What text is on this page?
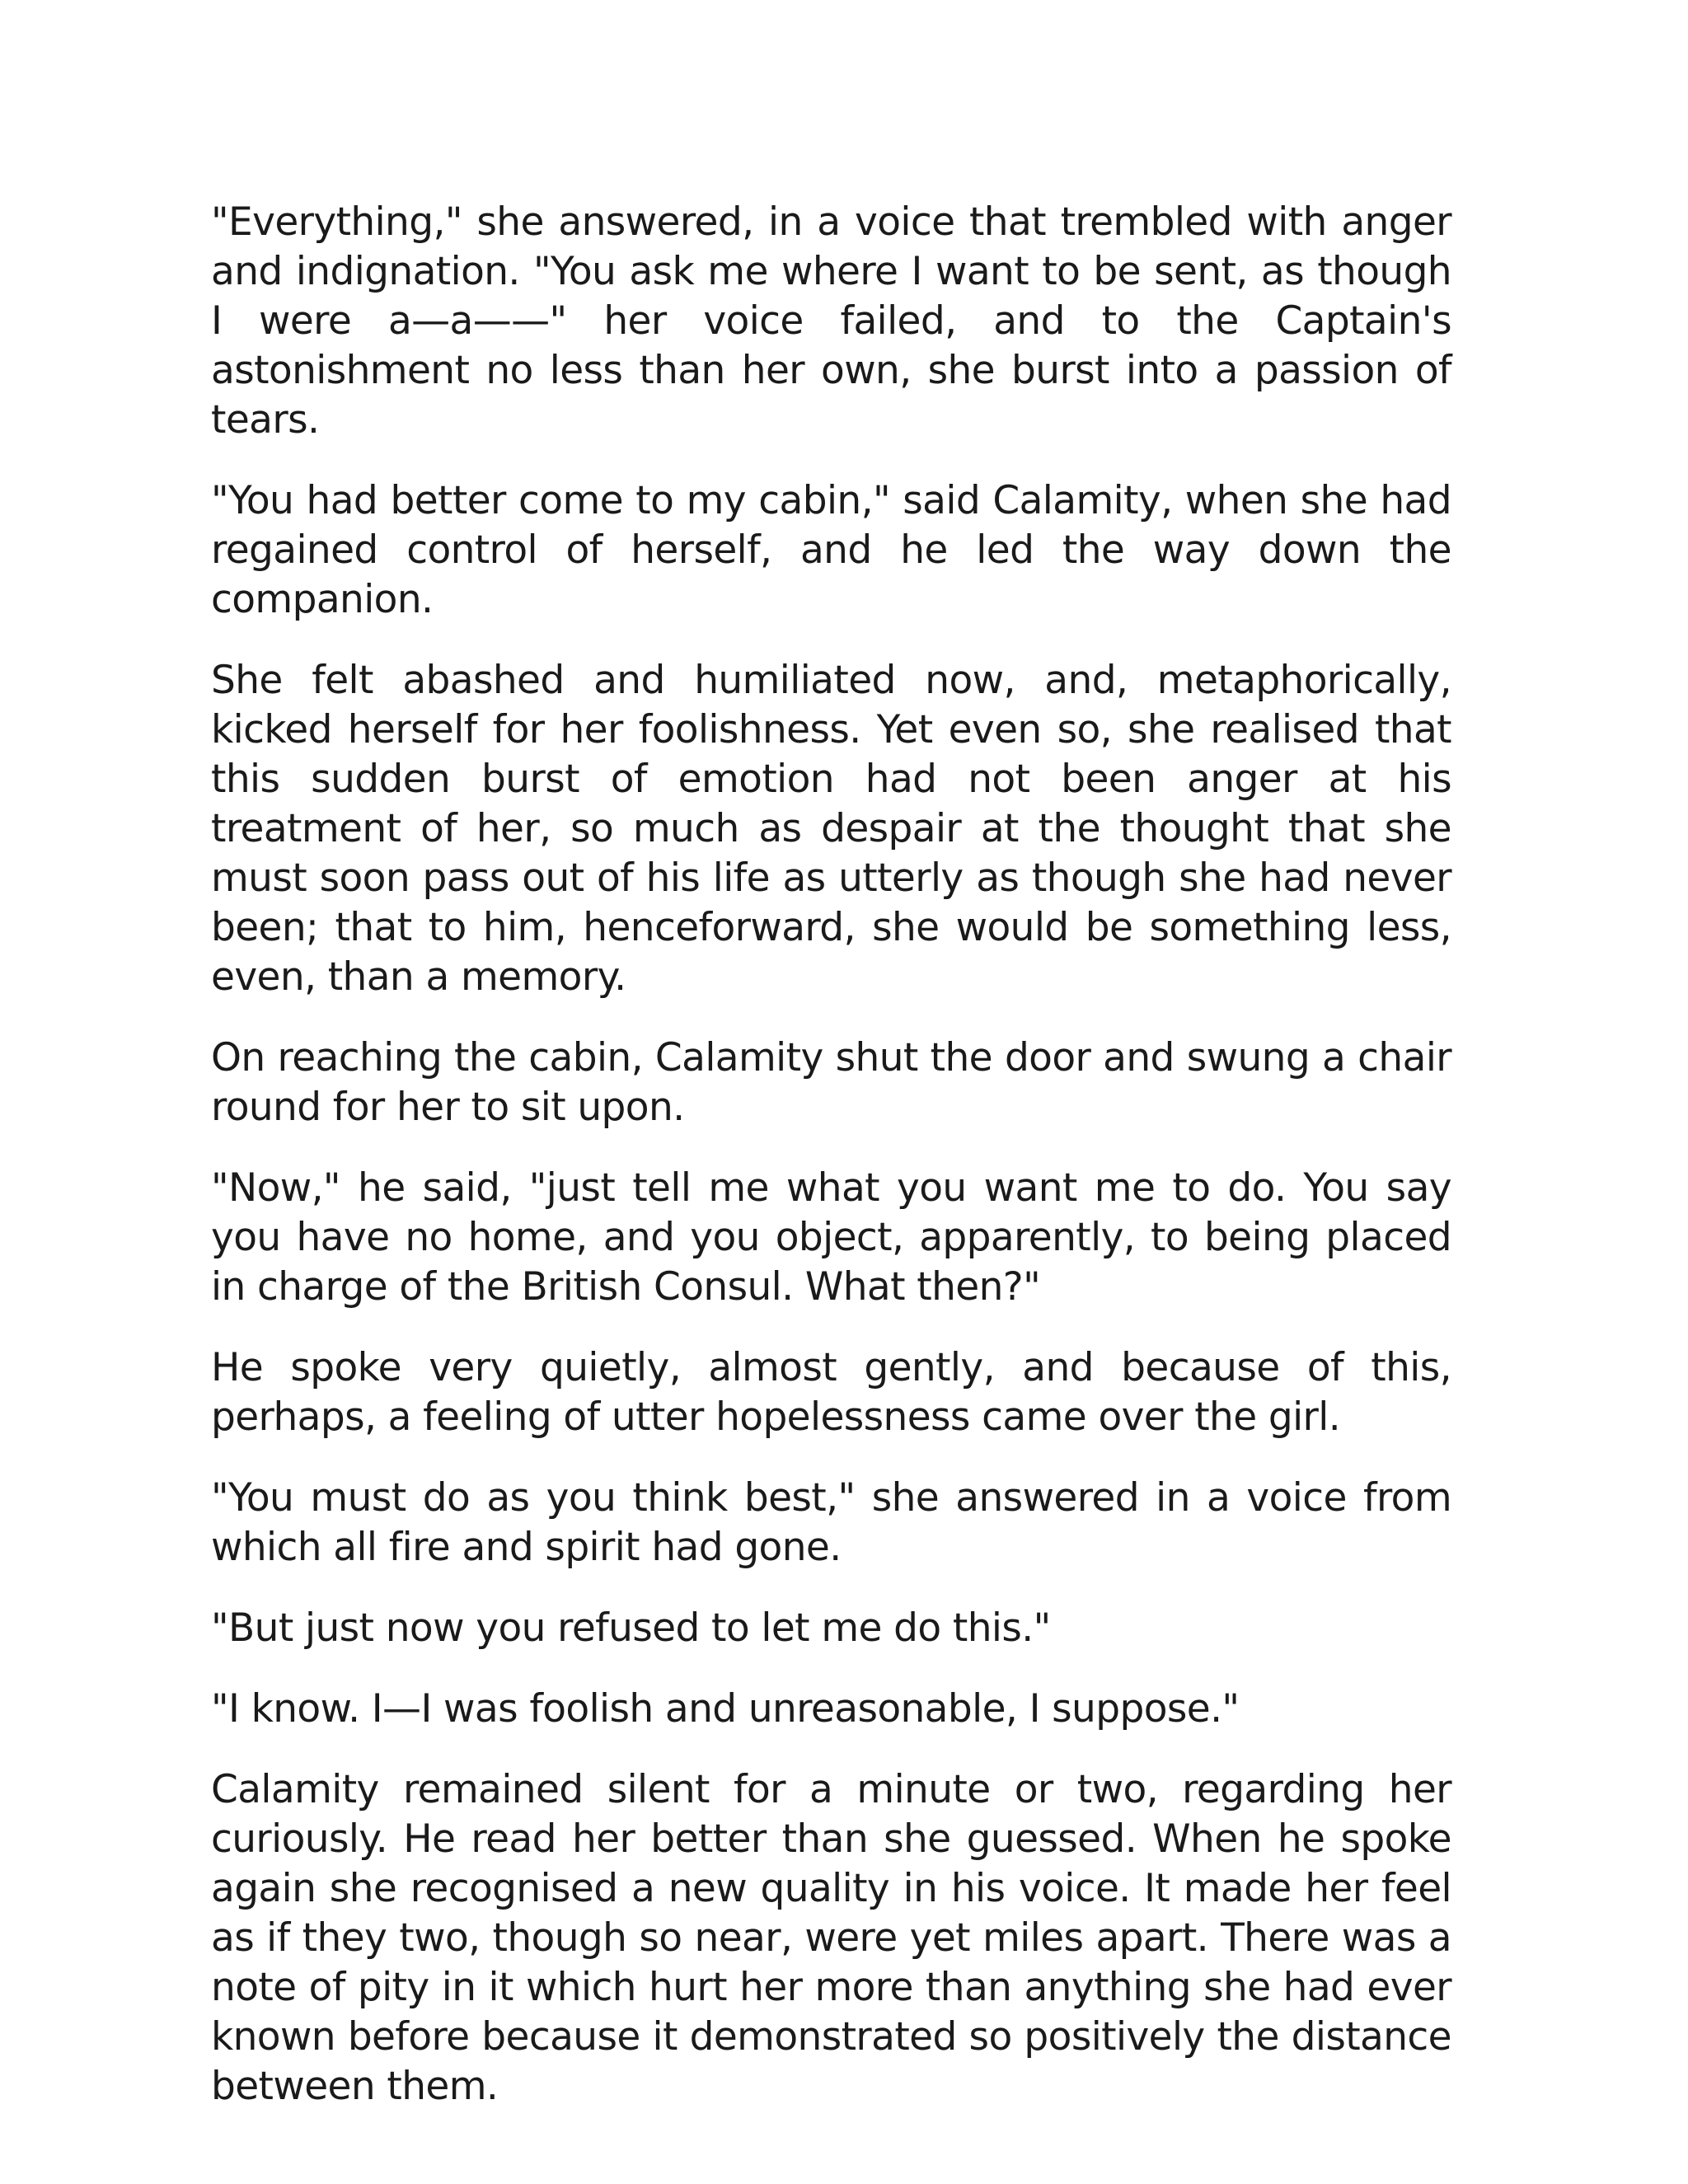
"Everything," she answered, in a voice that trembled with anger and indignation. "You ask me where I want to be sent, as though I were a—a——" her voice failed, and to the Captain's astonishment no less than her own, she burst into a passion of tears.

"You had better come to my cabin," said Calamity, when she had regained control of herself, and he led the way down the companion.

She felt abashed and humiliated now, and, metaphorically, kicked herself for her foolishness. Yet even so, she realised that this sudden burst of emotion had not been anger at his treatment of her, so much as despair at the thought that she must soon pass out of his life as utterly as though she had never been; that to him, henceforward, she would be something less, even, than a memory.

On reaching the cabin, Calamity shut the door and swung a chair round for her to sit upon.

"Now," he said, "just tell me what you want me to do. You say you have no home, and you object, apparently, to being placed in charge of the British Consul. What then?"

He spoke very quietly, almost gently, and because of this, perhaps, a feeling of utter hopelessness came over the girl.

"You must do as you think best," she answered in a voice from which all fire and spirit had gone.

"But just now you refused to let me do this."

"I know. I—I was foolish and unreasonable, I suppose."

Calamity remained silent for a minute or two, regarding her curiously. He read her better than she guessed. When he spoke again she recognised a new quality in his voice. It made her feel as if they two, though so near, were yet miles apart. There was a note of pity in it which hurt her more than anything she had ever known before because it demonstrated so positively the distance between them.
